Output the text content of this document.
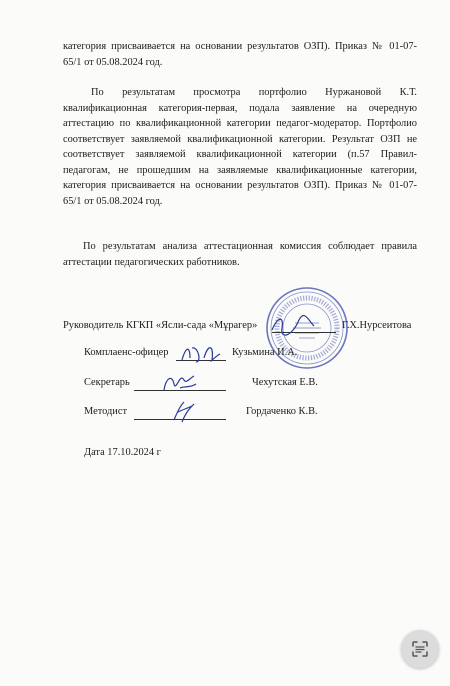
категория присваивается на основании результатов ОЗП). Приказ № 01-07-
65/1 от 05.08.2024 год.
По результатам просмотра портфолио Нуржановой К.Т.
квалификационная категория-первая, подала заявление на очередную
аттестацию по квалификационной категории педагог-модератор. Портфолио
соответствует заявляемой квалификационной категории. Результат ОЗП не
соответствует заявляемой квалификационной категории (п.57 Правил-
педагогам, не прошедшим на заявляемые квалификационные категории,
категория присваивается на основании результатов ОЗП). Приказ № 01-07-
65/1 от 05.08.2024 год.
По результатам анализа аттестационная комиссия соблюдает правила
аттестации педагогических работников.
Руководитель КГКП «Ясли-сада «Мұрагер»	Г.Х.Нурсеитова
Комплаенс-офицер	Кузьмина И.А.
Секретарь	Чехутская Е.В.
Методист	Гордаченко К.В.
Дата 17.10.2024 г
